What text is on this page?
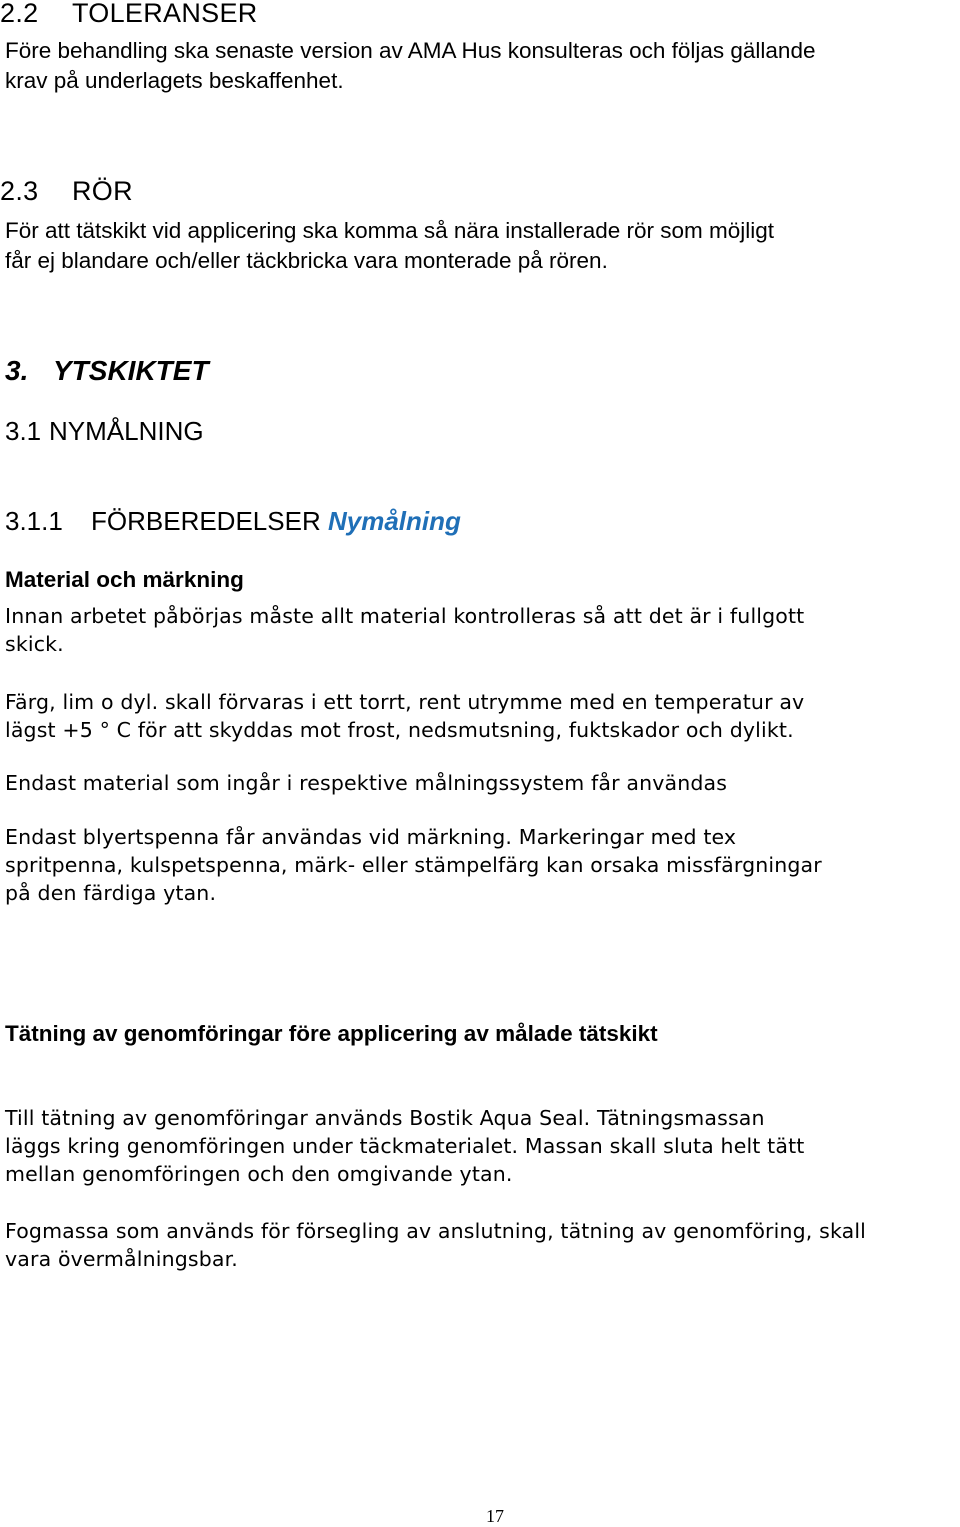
2.2 TOLERANSER
Före behandling ska senaste version av AMA Hus konsulteras och följas gällande
krav på underlagets beskaffenhet.
2.3 RÖR
För att tätskikt vid applicering ska komma så nära installerade rör som möjligt
får ej blandare och/eller täckbricka vara monterade på rören.
3. YTSKIKTET
3.1 NYMÅLNING
3.1.1 FÖRBEREDELSER Nymålning
Material och märkning
Innan arbetet påbörjas måste allt material kontrolleras så att det är i fullgott
skick.
Färg, lim o dyl. skall förvaras i ett torrt, rent utrymme med en temperatur av
lägst +5 ° C för att skyddas mot frost, nedsmutsning, fuktskador och dylikt.
Endast material som ingår i respektive målningssystem får användas
Endast blyertspenna får användas vid märkning. Markeringar med tex
spritpenna, kulspetspenna, märk- eller stämpelfärg kan orsaka missfärgningar
på den färdiga ytan.
Tätning av genomföringar före applicering av målade tätskikt
Till tätning av genomföringar används Bostik Aqua Seal. Tätningsmassan
läggs kring genomföringen under täckmaterialet. Massan skall sluta helt tätt
mellan genomföringen och den omgivande ytan.
Fogmassa som används för försegling av anslutning, tätning av genomföring, skall
vara övermålningsbar.
17
